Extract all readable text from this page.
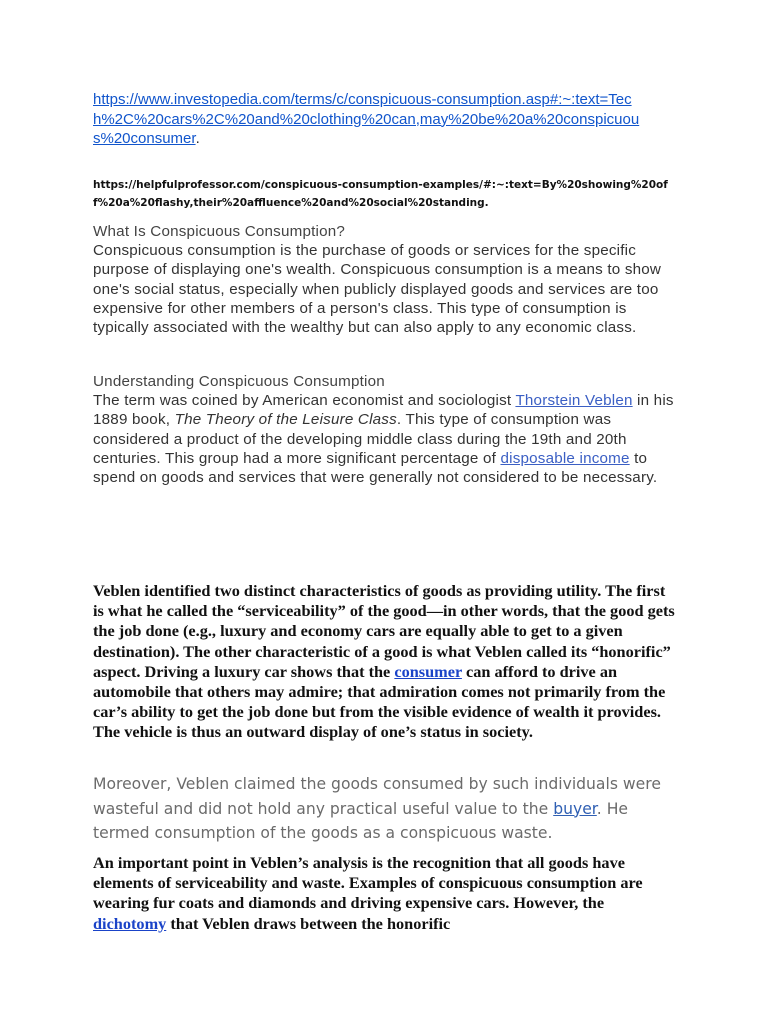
https://www.investopedia.com/terms/c/conspicuous-consumption.asp#:~:text=Tech%2C%20cars%2C%20and%20clothing%20can,may%20be%20a%20conspicuous%20consumer.
https://helpfulprofessor.com/conspicuous-consumption-examples/#:~:text=By%20showing%20off%20a%20flashy,their%20affluence%20and%20social%20standing.
What Is Conspicuous Consumption?
Conspicuous consumption is the purchase of goods or services for the specific purpose of displaying one's wealth. Conspicuous consumption is a means to show one's social status, especially when publicly displayed goods and services are too expensive for other members of a person's class. This type of consumption is typically associated with the wealthy but can also apply to any economic class.
Understanding Conspicuous Consumption
The term was coined by American economist and sociologist Thorstein Veblen in his 1889 book, The Theory of the Leisure Class. This type of consumption was considered a product of the developing middle class during the 19th and 20th centuries. This group had a more significant percentage of disposable income to spend on goods and services that were generally not considered to be necessary.
Veblen identified two distinct characteristics of goods as providing utility. The first is what he called the “serviceability” of the good—in other words, that the good gets the job done (e.g., luxury and economy cars are equally able to get to a given destination). The other characteristic of a good is what Veblen called its “honorific” aspect. Driving a luxury car shows that the consumer can afford to drive an automobile that others may admire; that admiration comes not primarily from the car’s ability to get the job done but from the visible evidence of wealth it provides. The vehicle is thus an outward display of one’s status in society.
Moreover, Veblen claimed the goods consumed by such individuals were wasteful and did not hold any practical useful value to the buyer. He termed consumption of the goods as a conspicuous waste.
An important point in Veblen’s analysis is the recognition that all goods have elements of serviceability and waste. Examples of conspicuous consumption are wearing fur coats and diamonds and driving expensive cars. However, the dichotomy that Veblen draws between the honorific
